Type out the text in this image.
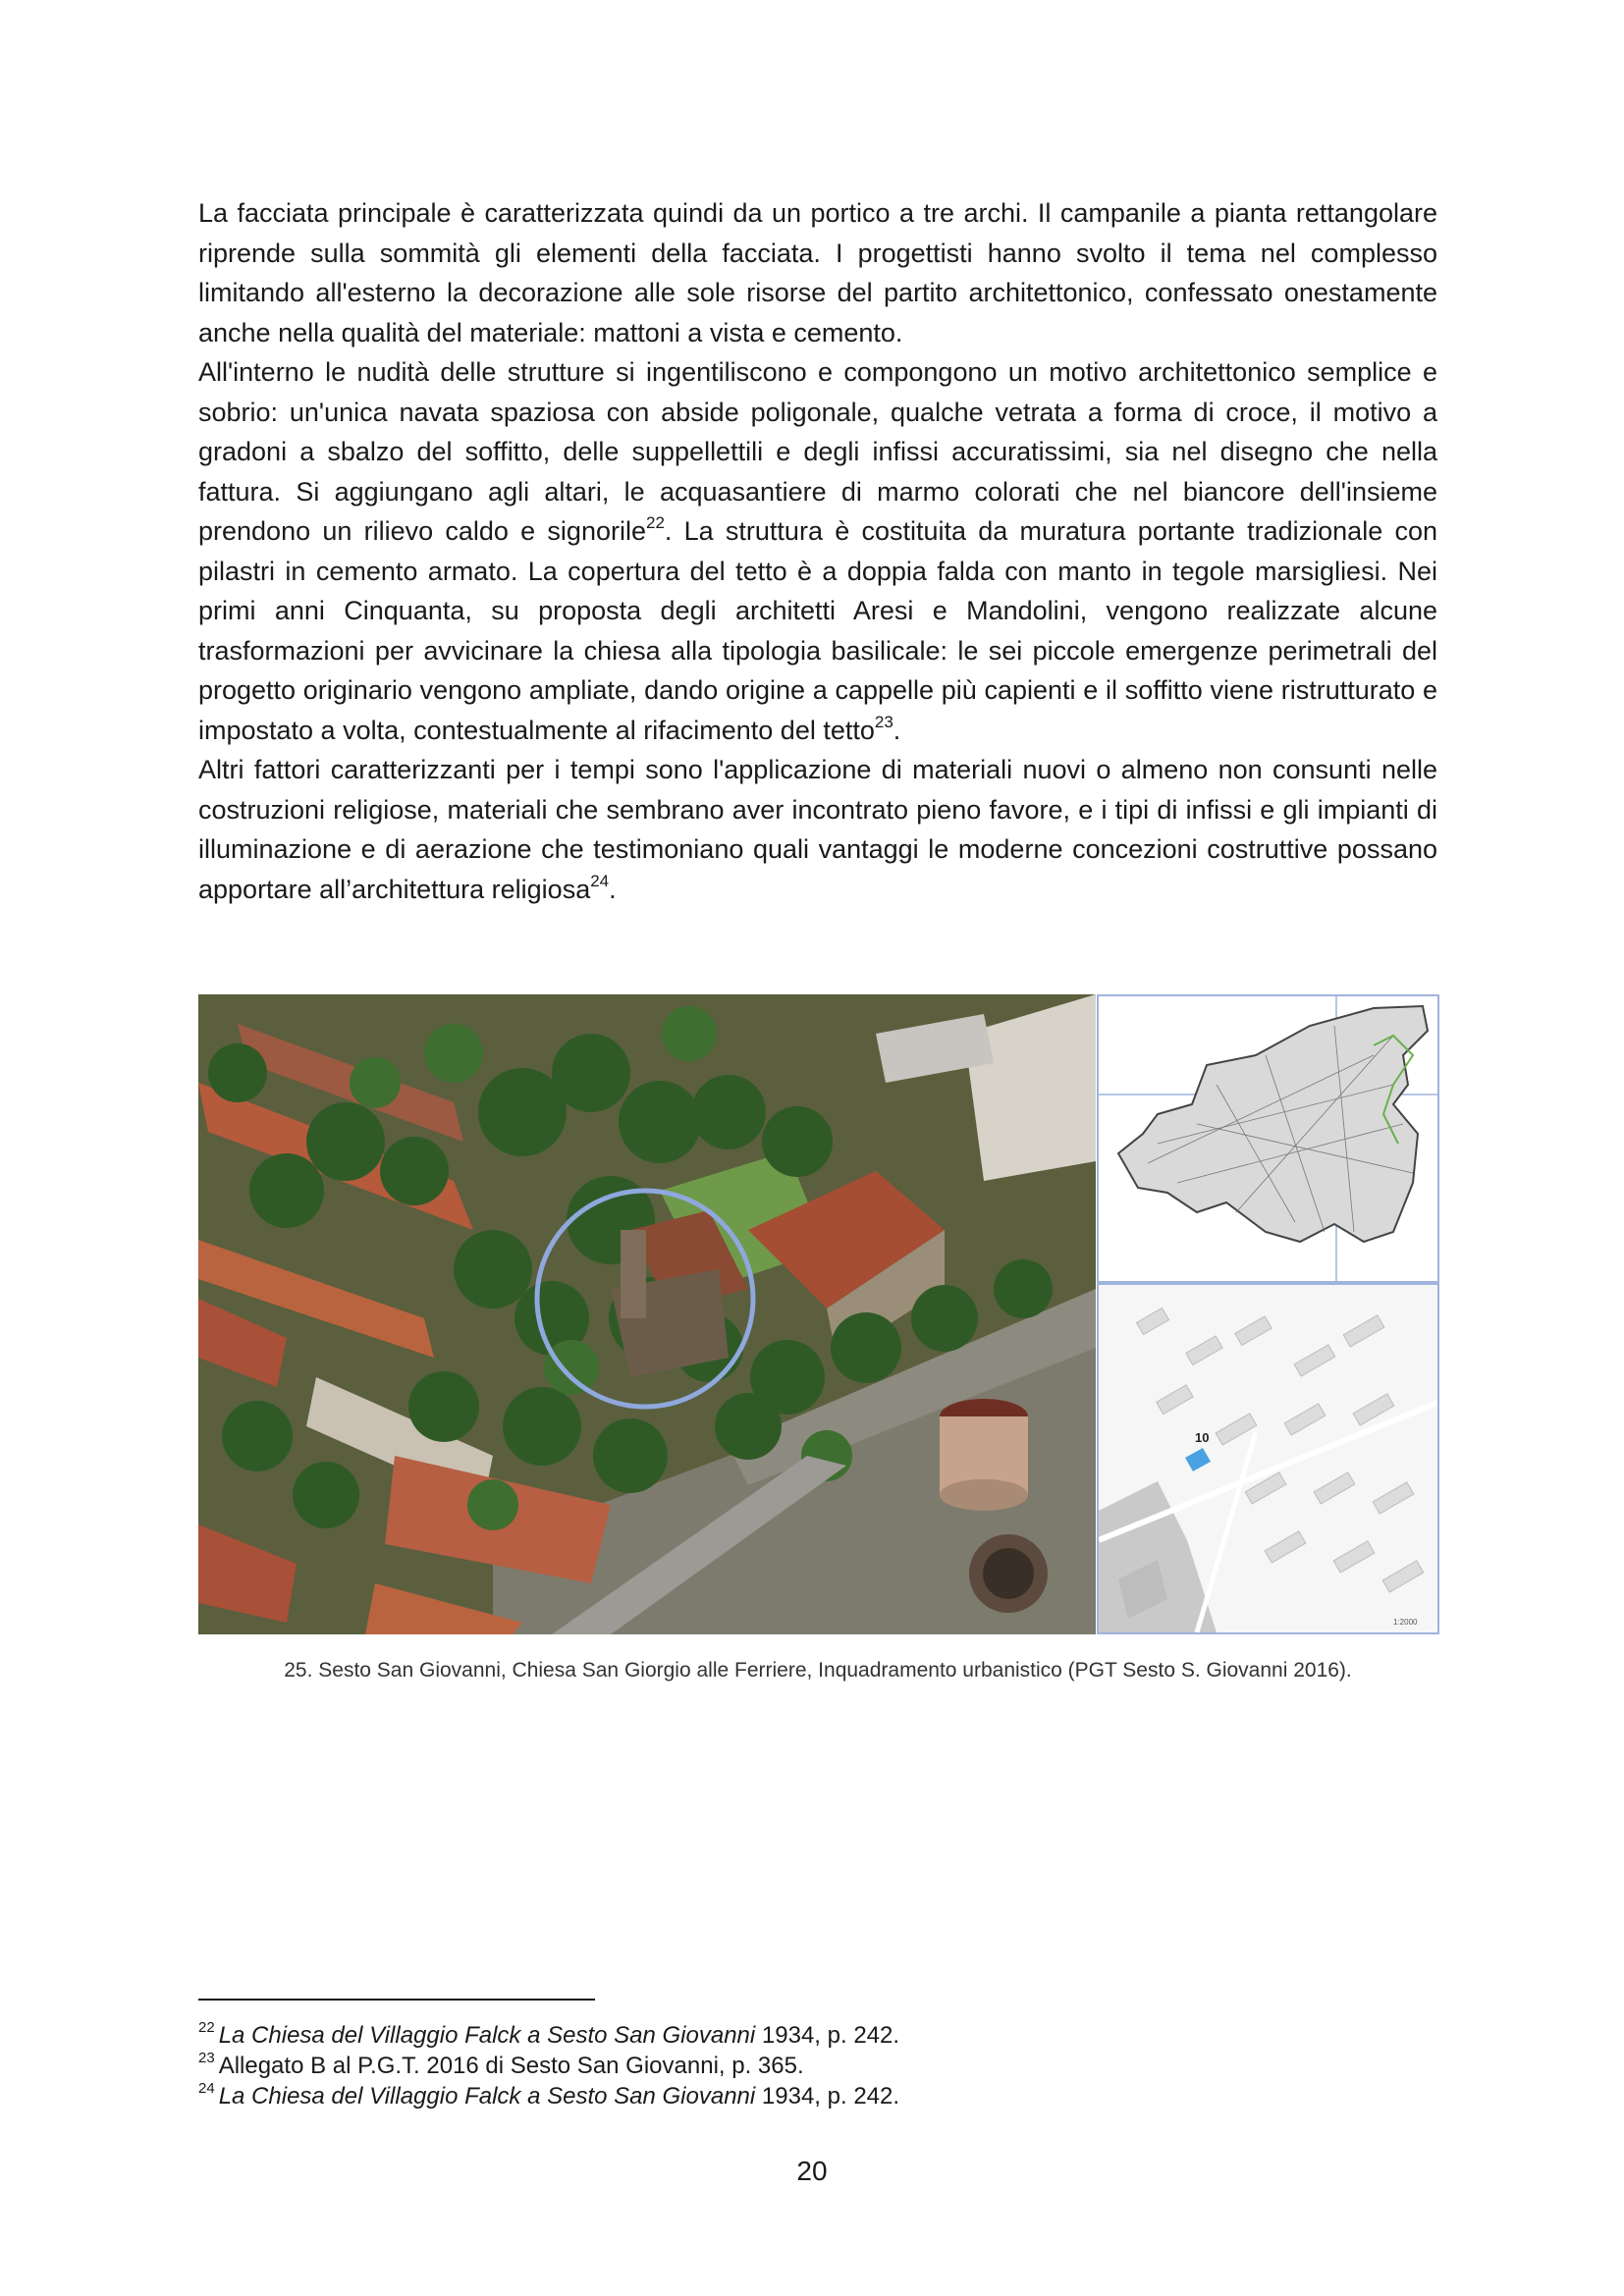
La facciata principale è caratterizzata quindi da un portico a tre archi. Il campanile a pianta rettangolare riprende sulla sommità gli elementi della facciata. I progettisti hanno svolto il tema nel complesso limitando all'esterno la decorazione alle sole risorse del partito architettonico, confessato onestamente anche nella qualità del materiale: mattoni a vista e cemento.

All'interno le nudità delle strutture si ingentiliscono e compongono un motivo architettonico semplice e sobrio: un'unica navata spaziosa con abside poligonale, qualche vetrata a forma di croce, il motivo a gradoni a sbalzo del soffitto, delle suppellettili e degli infissi accuratissimi, sia nel disegno che nella fattura. Si aggiungano agli altari, le acquasantiere di marmo colorati che nel biancore dell'insieme prendono un rilievo caldo e signorile$^{22}$. La struttura è costituita da muratura portante tradizionale con pilastri in cemento armato. La copertura del tetto è a doppia falda con manto in tegole marsigliesi. Nei primi anni Cinquanta, su proposta degli architetti Aresi e Mandolini, vengono realizzate alcune trasformazioni per avvicinare la chiesa alla tipologia basilicale: le sei piccole emergenze perimetrali del progetto originario vengono ampliate, dando origine a cappelle più capienti e il soffitto viene ristrutturato e impostato a volta, contestualmente al rifacimento del tetto$^{23}$.

Altri fattori caratterizzanti per i tempi sono l'applicazione di materiali nuovi o almeno non consunti nelle costruzioni religiose, materiali che sembrano aver incontrato pieno favore, e i tipi di infissi e gli impianti di illuminazione e di aerazione che testimoniano quali vantaggi le moderne concezioni costruttive possano apportare all’architettura religiosa$^{24}$.

10
1:2000
25. Sesto San Giovanni, Chiesa San Giorgio alle Ferriere, Inquadramento urbanistico (PGT Sesto S. Giovanni 2016).

$^{22}$ La Chiesa del Villaggio Falck a Sesto San Giovanni 1934, p. 242.

$^{23}$ Allegato B al P.G.T. 2016 di Sesto San Giovanni, p. 365.

$^{24}$ La Chiesa del Villaggio Falck a Sesto San Giovanni 1934, p. 242.

20
